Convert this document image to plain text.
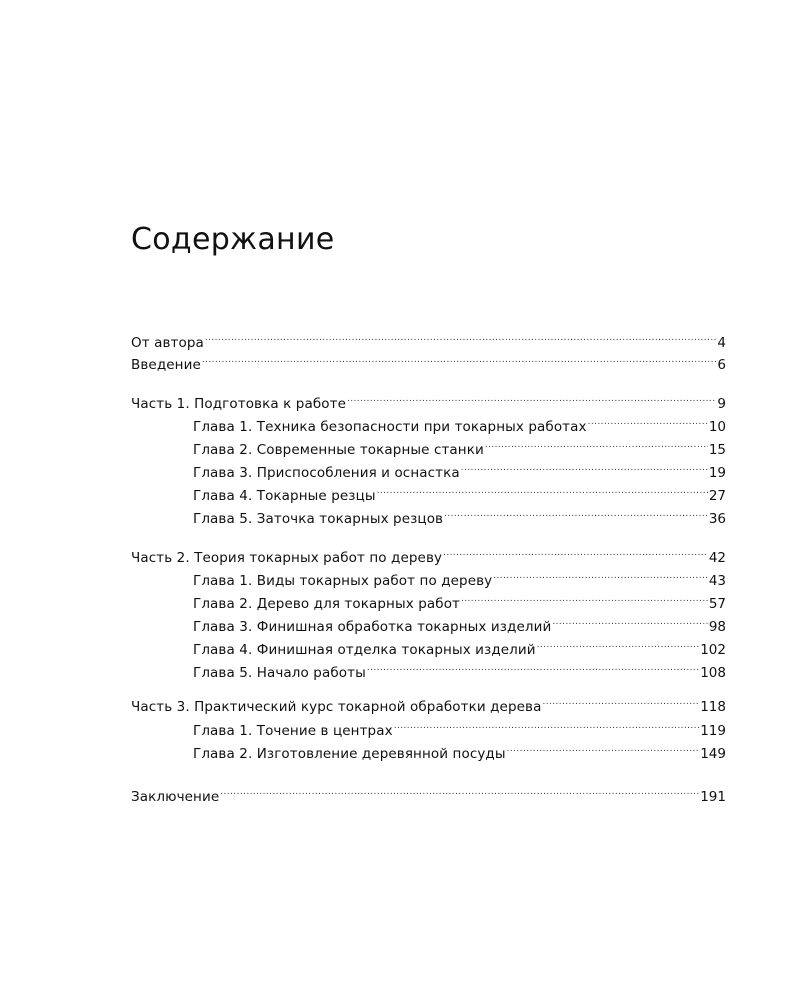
Содержание
От автора .....	4
Введение .....	6
Часть 1. Подготовка к работе .....	9
Глава 1. Техника безопасности при токарных работах .....	10
Глава 2. Современные токарные станки .....	15
Глава 3. Приспособления и оснастка .....	19
Глава 4. Токарные резцы .....	27
Глава 5. Заточка токарных резцов .....	36
Часть 2. Теория токарных работ по дереву .....	42
Глава 1. Виды токарных работ по дереву .....	43
Глава 2. Дерево для токарных работ .....	57
Глава 3. Финишная обработка токарных изделий .....	98
Глава 4. Финишная отделка токарных изделий .....	102
Глава 5. Начало работы .....	108
Часть 3. Практический курс токарной обработки дерева .....	118
Глава 1. Точение в центрах .....	119
Глава 2. Изготовление деревянной посуды .....	149
Заключение .....	191
